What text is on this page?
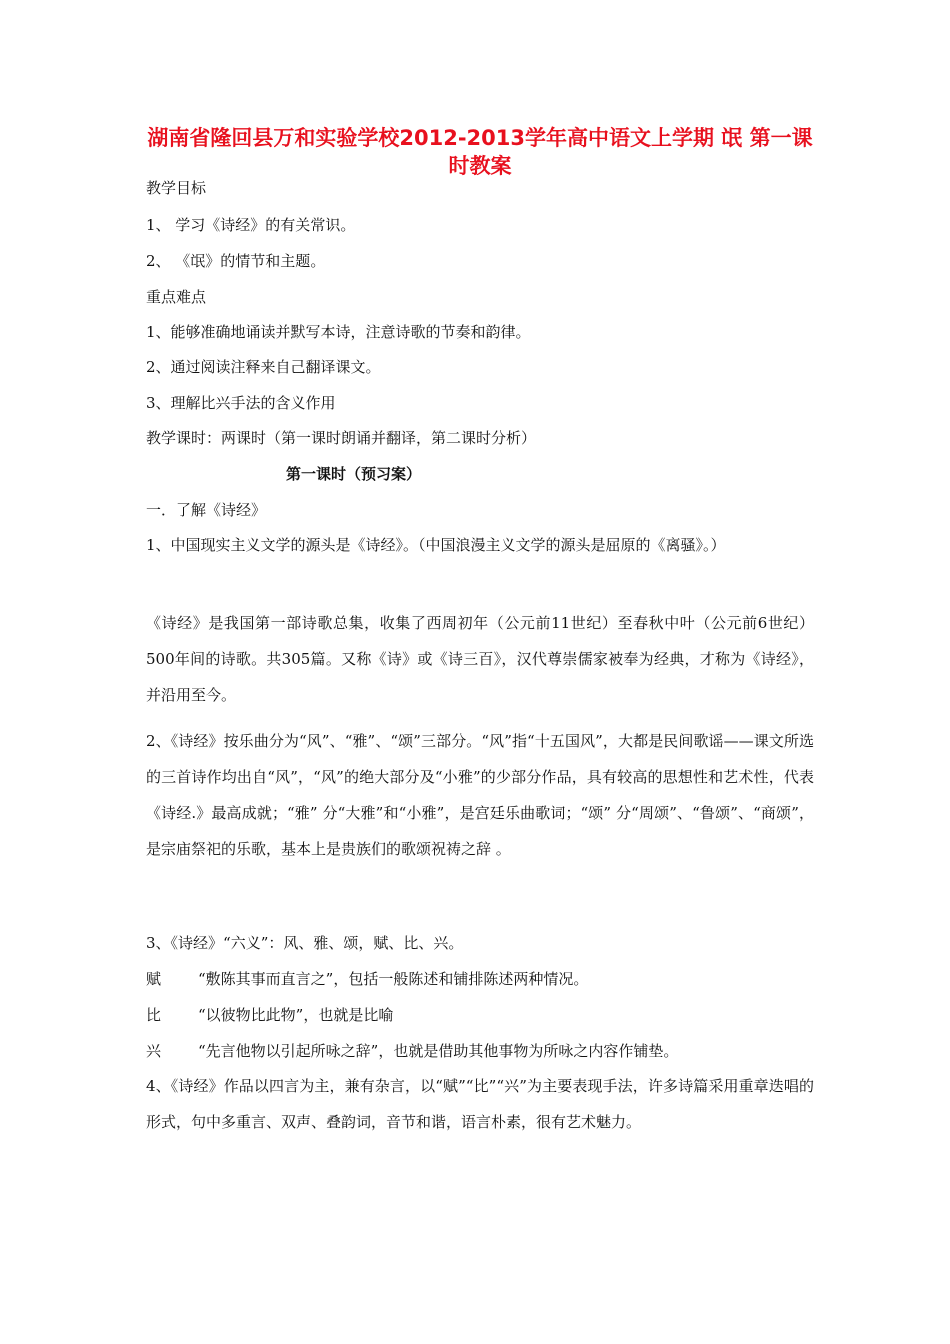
湖南省隆回县万和实验学校2012-2013学年高中语文上学期 氓 第一课时教案
教学目标
1、 学习《诗经》的有关常识。
2、 《氓》的情节和主题。
重点难点
1、能够准确地诵读并默写本诗，注意诗歌的节奏和韵律。
2、通过阅读注释来自己翻译课文。
3、理解比兴手法的含义作用
教学课时：两课时（第一课时朗诵并翻译，第二课时分析）
第一课时（预习案）
一．了解《诗经》
1、中国现实主义文学的源头是《诗经》。（中国浪漫主义文学的源头是屈原的《离骚》。）
《诗经》是我国第一部诗歌总集，收集了西周初年（公元前11世纪）至春秋中叶（公元前6世纪）500年间的诗歌。共305篇。又称《诗》或《诗三百》，汉代尊崇儒家被奉为经典，才称为《诗经》，并沿用至今。
2、《诗经》按乐曲分为“风”、“雅”、“颂”三部分。“风”指“十五国风”，大都是民间歌谣——课文所选的三首诗作均出自“风”，“风”的绝大部分及“小雅”的少部分作品，具有较高的思想性和艺术性，代表《诗经.》最高成就；“雅” 分“大雅”和“小雅”，是宫廷乐曲歌词；“颂” 分“周颂”、“鲁颂”、“商颂”，是宗庙祭祀的乐歌，基本上是贵族们的歌颂祝祷之辞 。
3、《诗经》“六义”：风、雅、颂，赋、比、兴。
赋 “敷陈其事而直言之”，包括一般陈述和铺排陈述两种情况。
比 “以彼物比此物”，也就是比喻
兴 “先言他物以引起所咏之辞”，也就是借助其他事物为所咏之内容作铺垫。
4、《诗经》作品以四言为主，兼有杂言，以“赋”“比”“兴”为主要表现手法，许多诗篇采用重章迭唱的形式，句中多重言、双声、叠韵词，音节和谐，语言朴素，很有艺术魅力。
